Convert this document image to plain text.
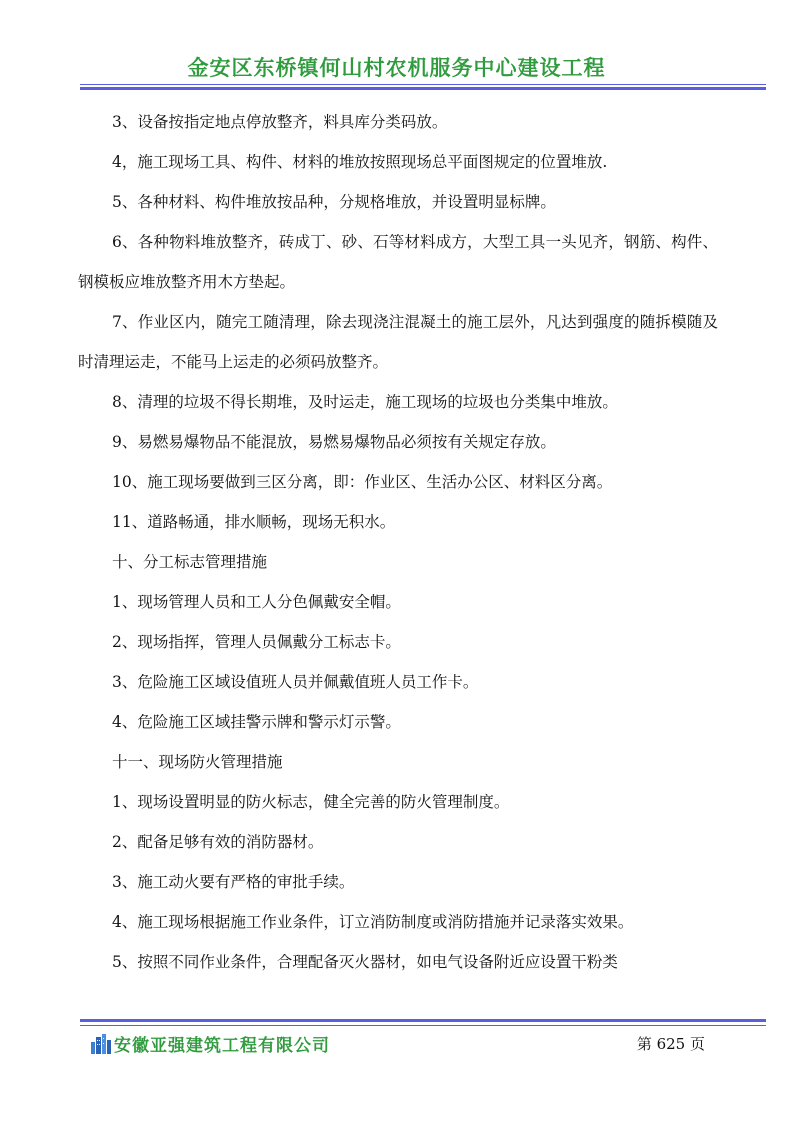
金安区东桥镇何山村农机服务中心建设工程

3、设备按指定地点停放整齐，料具库分类码放。

4，施工现场工具、构件、材料的堆放按照现场总平面图规定的位置堆放.

5、各种材料、构件堆放按品种，分规格堆放，并设置明显标牌。

6、各种物料堆放整齐，砖成丁、砂、石等材料成方，大型工具一头见齐，钢筋、构件、钢模板应堆放整齐用木方垫起。

7、作业区内，随完工随清理，除去现浇注混凝土的施工层外，凡达到强度的随拆模随及时清理运走，不能马上运走的必须码放整齐。

8、清理的垃圾不得长期堆，及时运走，施工现场的垃圾也分类集中堆放。

9、易燃易爆物品不能混放，易燃易爆物品必须按有关规定存放。

10、施工现场要做到三区分离，即：作业区、生活办公区、材料区分离。

11、道路畅通，排水顺畅，现场无积水。

十、分工标志管理措施

1、现场管理人员和工人分色佩戴安全帽。

2、现场指挥，管理人员佩戴分工标志卡。

3、危险施工区域设值班人员并佩戴值班人员工作卡。

4、危险施工区域挂警示牌和警示灯示警。

十一、现场防火管理措施

1、现场设置明显的防火标志，健全完善的防火管理制度。

2、配备足够有效的消防器材。

3、施工动火要有严格的审批手续。

4、施工现场根据施工作业条件，订立消防制度或消防措施并记录落实效果。

5、按照不同作业条件，合理配备灭火器材，如电气设备附近应设置干粉类

安徽亚强建筑工程有限公司	第 625 页
